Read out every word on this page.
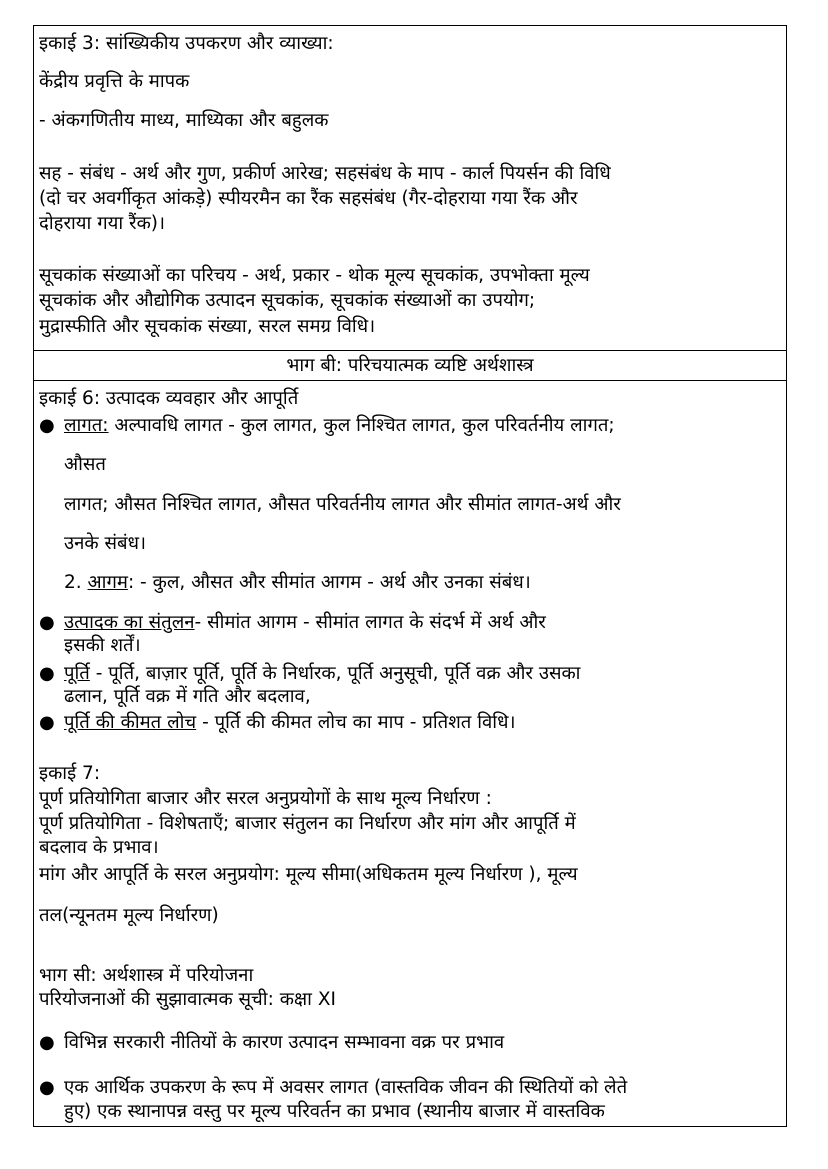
इकाई 3: सांख्यिकीय उपकरण और व्याख्या:
केंद्रीय प्रवृत्ति के मापक
- अंकगणितीय माध्य, माध्यिका और बहुलक
सह - संबंध - अर्थ और गुण, प्रकीर्ण आरेख; सहसंबंध के माप - कार्ल पियर्सन की विधि
(दो चर अवर्गीकृत आंकड़े) स्पीयरमैन का रैंक सहसंबंध (गैर-दोहराया गया रैंक और
दोहराया गया रैंक)।
सूचकांक संख्याओं का परिचय - अर्थ, प्रकार - थोक मूल्य सूचकांक, उपभोक्ता मूल्य
सूचकांक और औद्योगिक उत्पादन सूचकांक, सूचकांक संख्याओं का उपयोग;
मुद्रास्फीति और सूचकांक संख्या, सरल समग्र विधि।
भाग बी: परिचयात्मक व्यष्टि अर्थशास्त्र
इकाई 6: उत्पादक व्यवहार और आपूर्ति
● लागत: अल्पावधि लागत - कुल लागत, कुल निश्चित लागत, कुल परिवर्तनीय लागत;
औसत
लागत; औसत निश्चित लागत, औसत परिवर्तनीय लागत और सीमांत लागत-अर्थ और
उनके संबंध।
2. आगम: - कुल, औसत और सीमांत आगम - अर्थ और उनका संबंध।
● उत्पादक का संतुलन- सीमांत आगम - सीमांत लागत के संदर्भ में अर्थ और
इसकी शर्तें।
● पूर्ति - पूर्ति, बाज़ार पूर्ति, पूर्ति के निर्धारक, पूर्ति अनुसूची, पूर्ति वक्र और उसका
ढलान, पूर्ति वक्र में गति और बदलाव,
● पूर्ति की कीमत लोच - पूर्ति की कीमत लोच का माप - प्रतिशत विधि।
इकाई 7:
पूर्ण प्रतियोगिता बाजार और सरल अनुप्रयोगों के साथ मूल्य निर्धारण :
पूर्ण प्रतियोगिता - विशेषताएँ; बाजार संतुलन का निर्धारण और मांग और आपूर्ति में
बदलाव के प्रभाव।
मांग और आपूर्ति के सरल अनुप्रयोग: मूल्य सीमा(अधिकतम मूल्य निर्धारण ), मूल्य
तल(न्यूनतम मूल्य निर्धारण)
भाग सी: अर्थशास्त्र में परियोजना
परियोजनाओं की सुझावात्मक सूची: कक्षा XI
● विभिन्न सरकारी नीतियों के कारण उत्पादन सम्भावना वक्र पर प्रभाव
● एक आर्थिक उपकरण के रूप में अवसर लागत (वास्तविक जीवन की स्थितियों को लेते
हुए) एक स्थानापन्न वस्तु पर मूल्य परिवर्तन का प्रभाव (स्थानीय बाजार में वास्तविक
